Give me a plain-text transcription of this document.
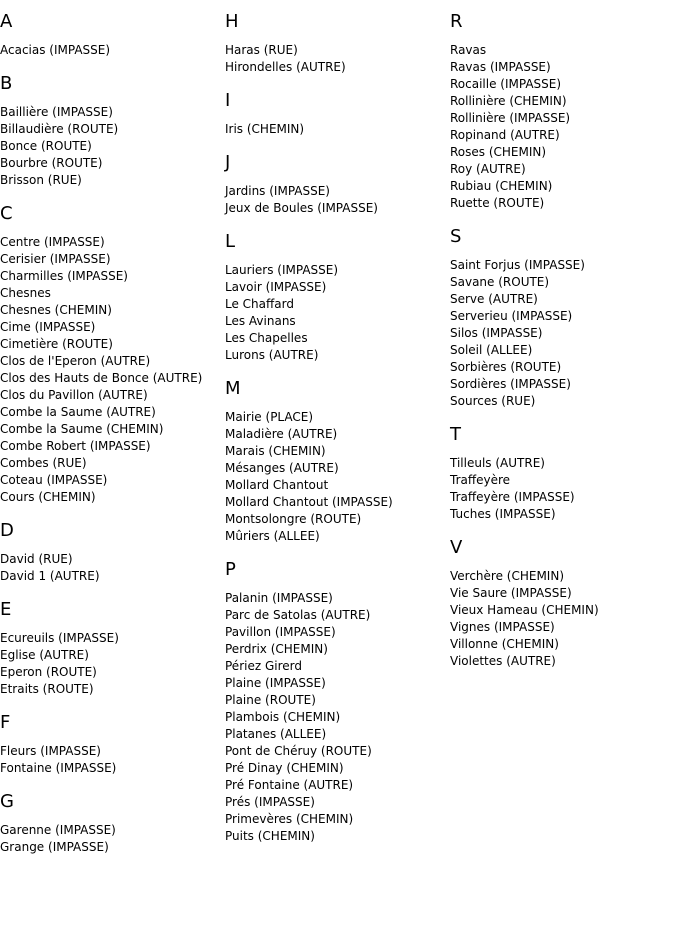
A
Acacias (IMPASSE)
B
Baillière (IMPASSE)
Billaudière (ROUTE)
Bonce (ROUTE)
Bourbre (ROUTE)
Brisson (RUE)
C
Centre (IMPASSE)
Cerisier (IMPASSE)
Charmilles (IMPASSE)
Chesnes
Chesnes (CHEMIN)
Cime (IMPASSE)
Cimetière (ROUTE)
Clos de l'Eperon (AUTRE)
Clos des Hauts de Bonce (AUTRE)
Clos du Pavillon (AUTRE)
Combe la Saume (AUTRE)
Combe la Saume (CHEMIN)
Combe Robert (IMPASSE)
Combes (RUE)
Coteau (IMPASSE)
Cours (CHEMIN)
D
David (RUE)
David 1 (AUTRE)
E
Ecureuils (IMPASSE)
Eglise (AUTRE)
Eperon (ROUTE)
Etraits (ROUTE)
F
Fleurs (IMPASSE)
Fontaine (IMPASSE)
G
Garenne (IMPASSE)
Grange (IMPASSE)
H
Haras (RUE)
Hirondelles (AUTRE)
I
Iris (CHEMIN)
J
Jardins (IMPASSE)
Jeux de Boules (IMPASSE)
L
Lauriers (IMPASSE)
Lavoir (IMPASSE)
Le Chaffard
Les Avinans
Les Chapelles
Lurons (AUTRE)
M
Mairie (PLACE)
Maladière (AUTRE)
Marais (CHEMIN)
Mésanges (AUTRE)
Mollard Chantout
Mollard Chantout (IMPASSE)
Montsolongre (ROUTE)
Mûriers (ALLEE)
P
Palanin (IMPASSE)
Parc de Satolas (AUTRE)
Pavillon (IMPASSE)
Perdrix (CHEMIN)
Périez Girerd
Plaine (IMPASSE)
Plaine (ROUTE)
Plambois (CHEMIN)
Platanes (ALLEE)
Pont de Chéruy (ROUTE)
Pré Dinay (CHEMIN)
Pré Fontaine (AUTRE)
Prés (IMPASSE)
Primevères (CHEMIN)
Puits (CHEMIN)
R
Ravas
Ravas (IMPASSE)
Rocaille (IMPASSE)
Rollinière (CHEMIN)
Rollinière (IMPASSE)
Ropinand (AUTRE)
Roses (CHEMIN)
Roy (AUTRE)
Rubiau (CHEMIN)
Ruette (ROUTE)
S
Saint Forjus (IMPASSE)
Savane (ROUTE)
Serve (AUTRE)
Serverieu (IMPASSE)
Silos (IMPASSE)
Soleil (ALLEE)
Sorbières (ROUTE)
Sordières (IMPASSE)
Sources (RUE)
T
Tilleuls (AUTRE)
Traffeyère
Traffeyère (IMPASSE)
Tuches (IMPASSE)
V
Verchère (CHEMIN)
Vie Saure (IMPASSE)
Vieux Hameau (CHEMIN)
Vignes (IMPASSE)
Villonne (CHEMIN)
Violettes (AUTRE)
